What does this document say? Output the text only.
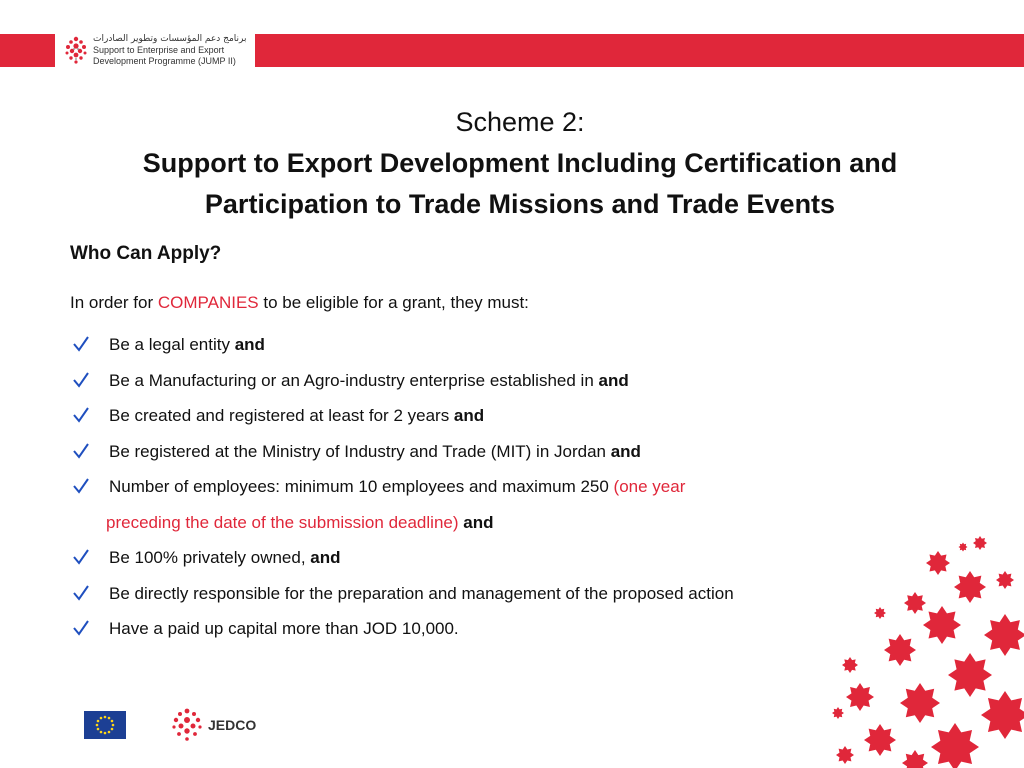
برنامج دعم المؤسسات وتطوير الصادرات
Support to Enterprise and Export
Development Programme (JUMP II)
Scheme 2:
Support to Export Development Including Certification and
Participation to Trade Missions and Trade Events
Who Can Apply?
In order for COMPANIES to be eligible for a grant, they must:
Be a legal entity and
Be a Manufacturing or an Agro-industry enterprise established in and
Be created and registered at least for 2 years and
Be registered at the Ministry of Industry and Trade (MIT) in Jordan and
Number of employees: minimum 10 employees and maximum 250 (one year
preceding the date of the submission deadline) and
Be 100% privately owned, and
Be directly responsible for the preparation and management of the proposed action
Have a paid up capital more than JOD 10,000.
JEDCO
